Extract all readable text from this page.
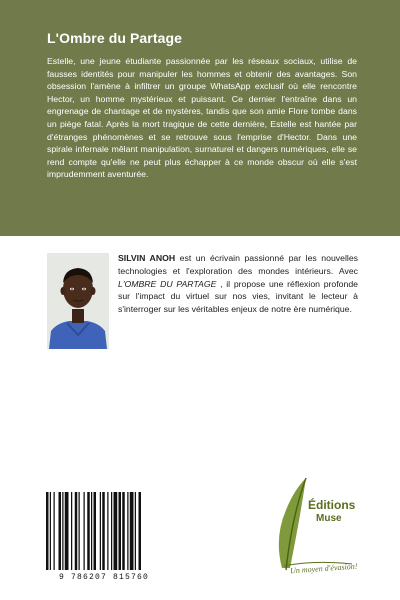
L'Ombre du Partage

Estelle, une jeune étudiante passionnée par les réseaux sociaux, utilise de fausses identités pour manipuler les hommes et obtenir des avantages. Son obsession l'amène à infiltrer un groupe WhatsApp exclusif où elle rencontre Hector, un homme mystérieux et puissant. Ce dernier l'entraîne dans un engrenage de chantage et de mystères, tandis que son amie Flore tombe dans un piège fatal. Après la mort tragique de cette dernière, Estelle est hantée par d'étranges phénomènes et se retrouve sous l'emprise d'Hector. Dans une spirale infernale mêlant manipulation, surnaturel et dangers numériques, elle se rend compte qu'elle ne peut plus échapper à ce monde obscur où elle s'est imprudemment aventurée.

SILVIN ANOH est un écrivain passionné par les nouvelles technologies et l'exploration des mondes intérieurs. Avec L'OMBRE DU PARTAGE , il propose une réflexion profonde sur l'impact du virtuel sur nos vies, invitant le lecteur à s'interroger sur les véritables enjeux de notre ère numérique.

9 786207 815760
Éditions
Muse
Un moyen d'évasion!
